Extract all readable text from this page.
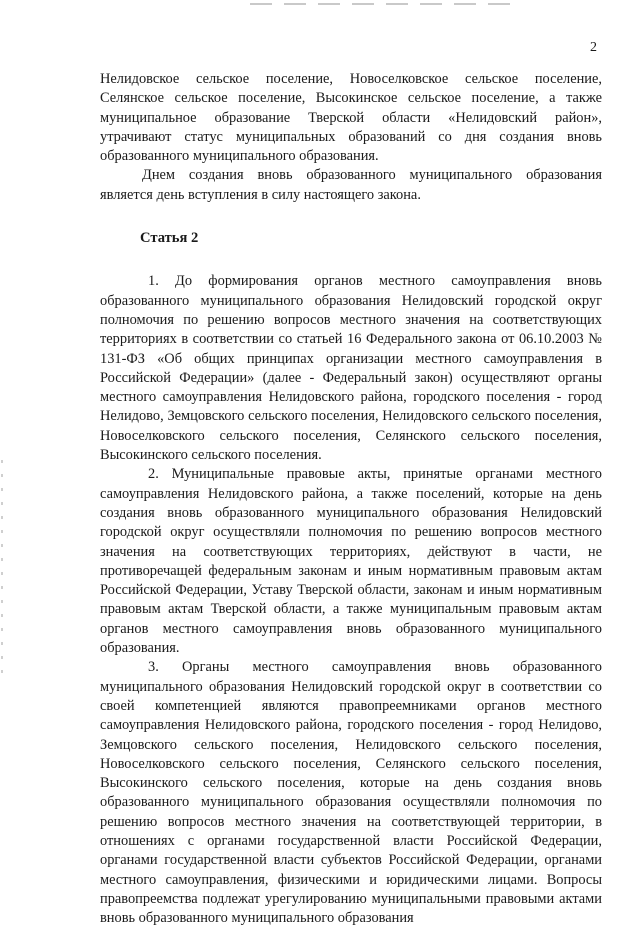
2

Нелидовское сельское поселение, Новоселковское сельское поселение, Селянское сельское поселение, Высокинское сельское поселение, а также муниципальное образование Тверской области «Нелидовский район», утрачивают статус муниципальных образований со дня создания вновь образованного муниципального образования.

Днем создания вновь образованного муниципального образования является день вступления в силу настоящего закона.

Статья 2

1. До формирования органов местного самоуправления вновь образованного муниципального образования Нелидовский городской округ полномочия по решению вопросов местного значения на соответствующих территориях в соответствии со статьей 16 Федерального закона от 06.10.2003 № 131-ФЗ «Об общих принципах организации местного самоуправления в Российской Федерации» (далее - Федеральный закон) осуществляют органы местного самоуправления Нелидовского района, городского поселения - город Нелидово, Земцовского сельского поселения, Нелидовского сельского поселения, Новоселковского сельского поселения, Селянского сельского поселения, Высокинского сельского поселения.

2. Муниципальные правовые акты, принятые органами местного самоуправления Нелидовского района, а также поселений, которые на день создания вновь образованного муниципального образования Нелидовский городской округ осуществляли полномочия по решению вопросов местного значения на соответствующих территориях, действуют в части, не противоречащей федеральным законам и иным нормативным правовым актам Российской Федерации, Уставу Тверской области, законам и иным нормативным правовым актам Тверской области, а также муниципальным правовым актам органов местного самоуправления вновь образованного муниципального образования.

3. Органы местного самоуправления вновь образованного муниципального образования Нелидовский городской округ в соответствии со своей компетенцией являются правопреемниками органов местного самоуправления Нелидовского района, городского поселения - город Нелидово, Земцовского сельского поселения, Нелидовского сельского поселения, Новоселковского сельского поселения, Селянского сельского поселения, Высокинского сельского поселения, которые на день создания вновь образованного муниципального образования осуществляли полномочия по решению вопросов местного значения на соответствующей территории, в отношениях с органами государственной власти Российской Федерации, органами государственной власти субъектов Российской Федерации, органами местного самоуправления, физическими и юридическими лицами. Вопросы правопреемства подлежат урегулированию муниципальными правовыми актами вновь образованного муниципального образования
